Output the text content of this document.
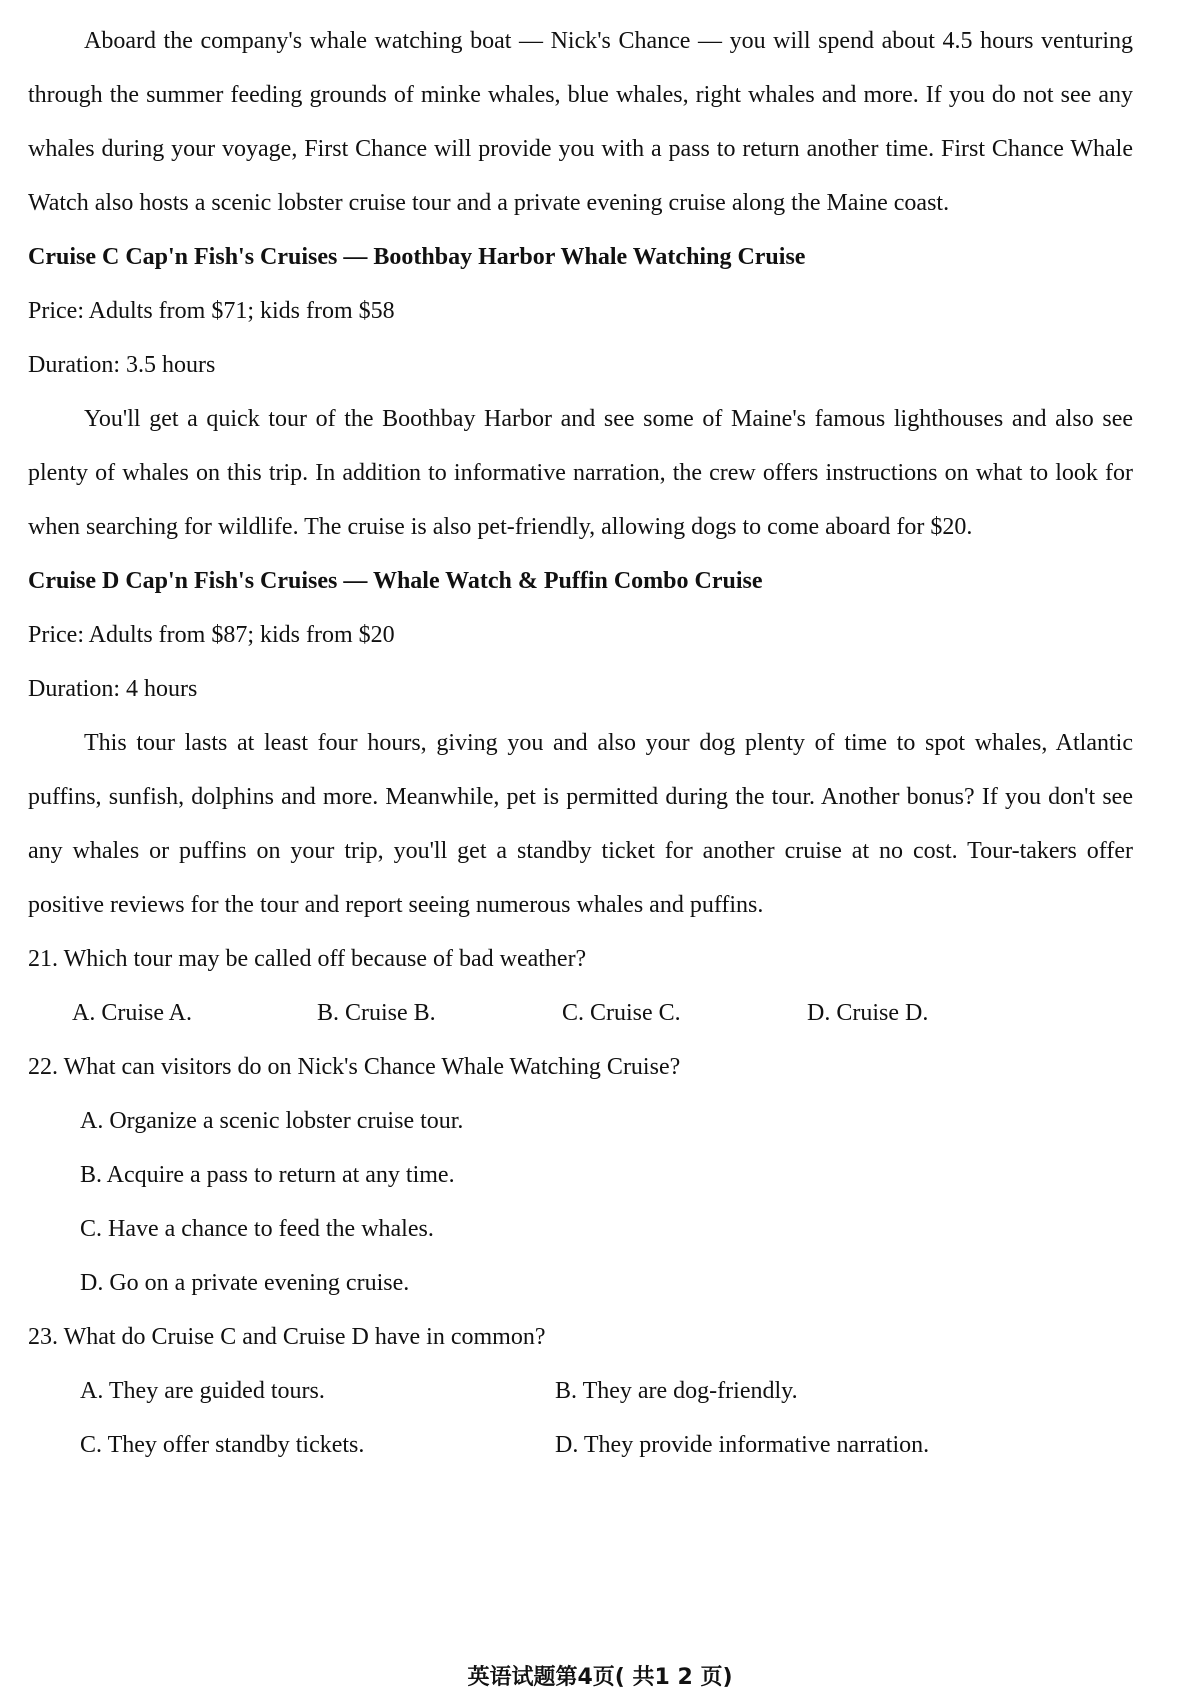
Aboard the company's whale watching boat — Nick's Chance — you will spend about 4.5 hours venturing through the summer feeding grounds of minke whales, blue whales, right whales and more. If you do not see any whales during your voyage, First Chance will provide you with a pass to return another time. First Chance Whale Watch also hosts a scenic lobster cruise tour and a private evening cruise along the Maine coast.

Cruise C Cap'n Fish's Cruises — Boothbay Harbor Whale Watching Cruise

Price: Adults from $71; kids from $58

Duration: 3.5 hours

You'll get a quick tour of the Boothbay Harbor and see some of Maine's famous lighthouses and also see plenty of whales on this trip. In addition to informative narration, the crew offers instructions on what to look for when searching for wildlife. The cruise is also pet-friendly, allowing dogs to come aboard for $20.

Cruise D Cap'n Fish's Cruises — Whale Watch & Puffin Combo Cruise

Price: Adults from $87; kids from $20

Duration: 4 hours

This tour lasts at least four hours, giving you and also your dog plenty of time to spot whales, Atlantic puffins, sunfish, dolphins and more. Meanwhile, pet is permitted during the tour. Another bonus? If you don't see any whales or puffins on your trip, you'll get a standby ticket for another cruise at no cost. Tour-takers offer positive reviews for the tour and report seeing numerous whales and puffins.

21. Which tour may be called off because of bad weather?

A. Cruise A.	B. Cruise B.	C. Cruise C.	D. Cruise D.

22. What can visitors do on Nick's Chance Whale Watching Cruise?

A. Organize a scenic lobster cruise tour.

B. Acquire a pass to return at any time.

C. Have a chance to feed the whales.

D. Go on a private evening cruise.

23. What do Cruise C and Cruise D have in common?

A. They are guided tours.	B. They are dog-friendly.
C. They offer standby tickets.	D. They provide informative narration.
英语试题第4页( 共1 2 页)
